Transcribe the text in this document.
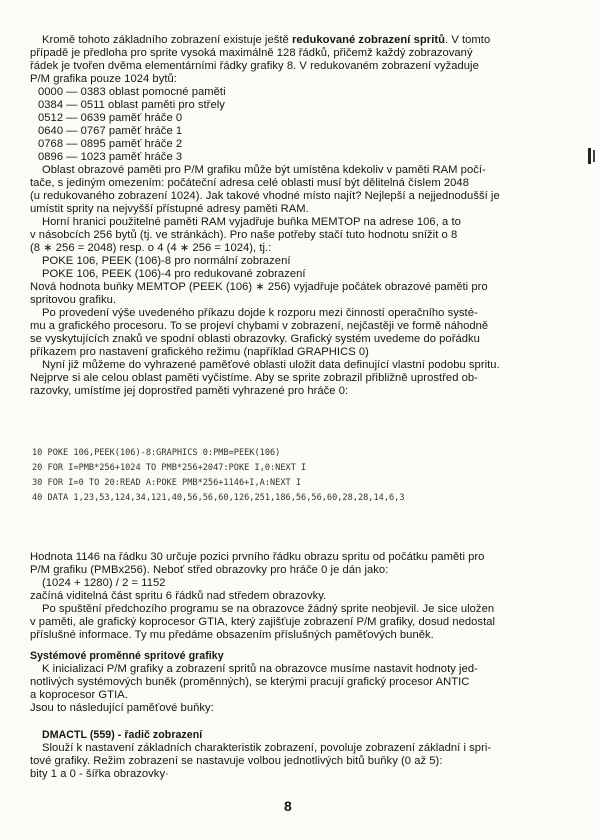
Kromě tohoto základního zobrazení existuje ještě redukované zobrazení spritů. V tomto
případě je předloha pro sprite vysoká maximálně 128 řádků, přičemž každý zobrazovaný
řádek je tvořen dvěma elementárními řádky grafiky 8. V redukovaném zobrazení vyžaduje
P/M grafika pouze 1024 bytů:
0000 — 0383 oblast pomocné paměti
0384 — 0511 oblast paměti pro střely
0512 — 0639 paměť hráče 0
0640 — 0767 paměť hráče 1
0768 — 0895 paměť hráče 2
0896 — 1023 paměť hráče 3
Oblast obrazové paměti pro P/M grafiku může být umístěna kdekoliv v paměti RAM počí-
tače, s jediným omezením: počáteční adresa celé oblasti musí být dělitelná číslem 2048
(u redukovaného zobrazení 1024). Jak takové vhodné místo najít? Nejlepší a nejjednodušší je
umístit sprity na nejvyšší přístupné adresy paměti RAM.
Horní hranici použitelné paměti RAM vyjadřuje buňka MEMTOP na adrese 106, a to
v násobcích 256 bytů (tj. ve stránkách). Pro naše potřeby stačí tuto hodnotu snížit o 8
(8 ∗ 256 = 2048) resp. o 4 (4 ∗ 256 = 1024), tj.:
POKE 106, PEEK (106)-8 pro normální zobrazení
POKE 106, PEEK (106)-4 pro redukované zobrazení
Nová hodnota buňky MEMTOP (PEEK (106) ∗ 256) vyjadřuje počátek obrazové paměti pro
spritovou grafiku.
Po provedení výše uvedeného příkazu dojde k rozporu mezi činností operačního systé-
mu a grafického procesoru. To se projeví chybami v zobrazení, nejčastěji ve formě náhodně
se vyskytujících znaků ve spodní oblasti obrazovky. Grafický systém uvedeme do pořádku
příkazem pro nastavení grafického režimu (například GRAPHICS 0)
Nyní již můžeme do vyhrazené paměťové oblasti uložit data definující vlastní podobu spritu.
Nejprve si ale celou oblast paměti vyčistíme. Aby se sprite zobrazil přibližně uprostřed ob-
razovky, umístíme jej doprostřed paměti vyhrazené pro hráče 0:
10 POKE 106,PEEK(106)-8:GRAPHICS 0:PMB=PEEK(106)
20 FOR I=PMB*256+1024 TO PMB*256+2047:POKE I,0:NEXT I
30 FOR I=0 TO 20:READ A:POKE PMB*256+1146+I,A:NEXT I
40 DATA 1,23,53,124,34,121,40,56,56,60,126,251,186,56,56,60,28,28,14,6,3
Hodnota 1146 na řádku 30 určuje pozici prvního řádku obrazu spritu od počátku paměti pro
P/M grafiku (PMBx256). Neboť střed obrazovky pro hráče 0 je dán jako:
(1024 + 1280) / 2 = 1152
začíná viditelná část spritu 6 řádků nad středem obrazovky.
Po spuštění předchozího programu se na obrazovce žádný sprite neobjevil. Je sice uložen
v paměti, ale grafický koprocesor GTIA, který zajišťuje zobrazení P/M grafiky, dosud nedostal
příslušné informace. Ty mu předáme obsazením příslušných paměťových buněk.
Systémové proměnné spritové grafiky
K inicializaci P/M grafiky a zobrazení spritů na obrazovce musíme nastavit hodnoty jed-
notlivých systémových buněk (proměnných), se kterými pracují grafický procesor ANTIC
a koprocesor GTIA.
Jsou to následující paměťové buňky:
DMACTL (559) - řadič zobrazení
Slouží k nastavení základních charakteristik zobrazení, povoluje zobrazení základní i spri-
tové grafiky. Režim zobrazení se nastavuje volbou jednotlivých bitů buňky (0 až 5):
bity 1 a 0 - šířka obrazovky·
8
